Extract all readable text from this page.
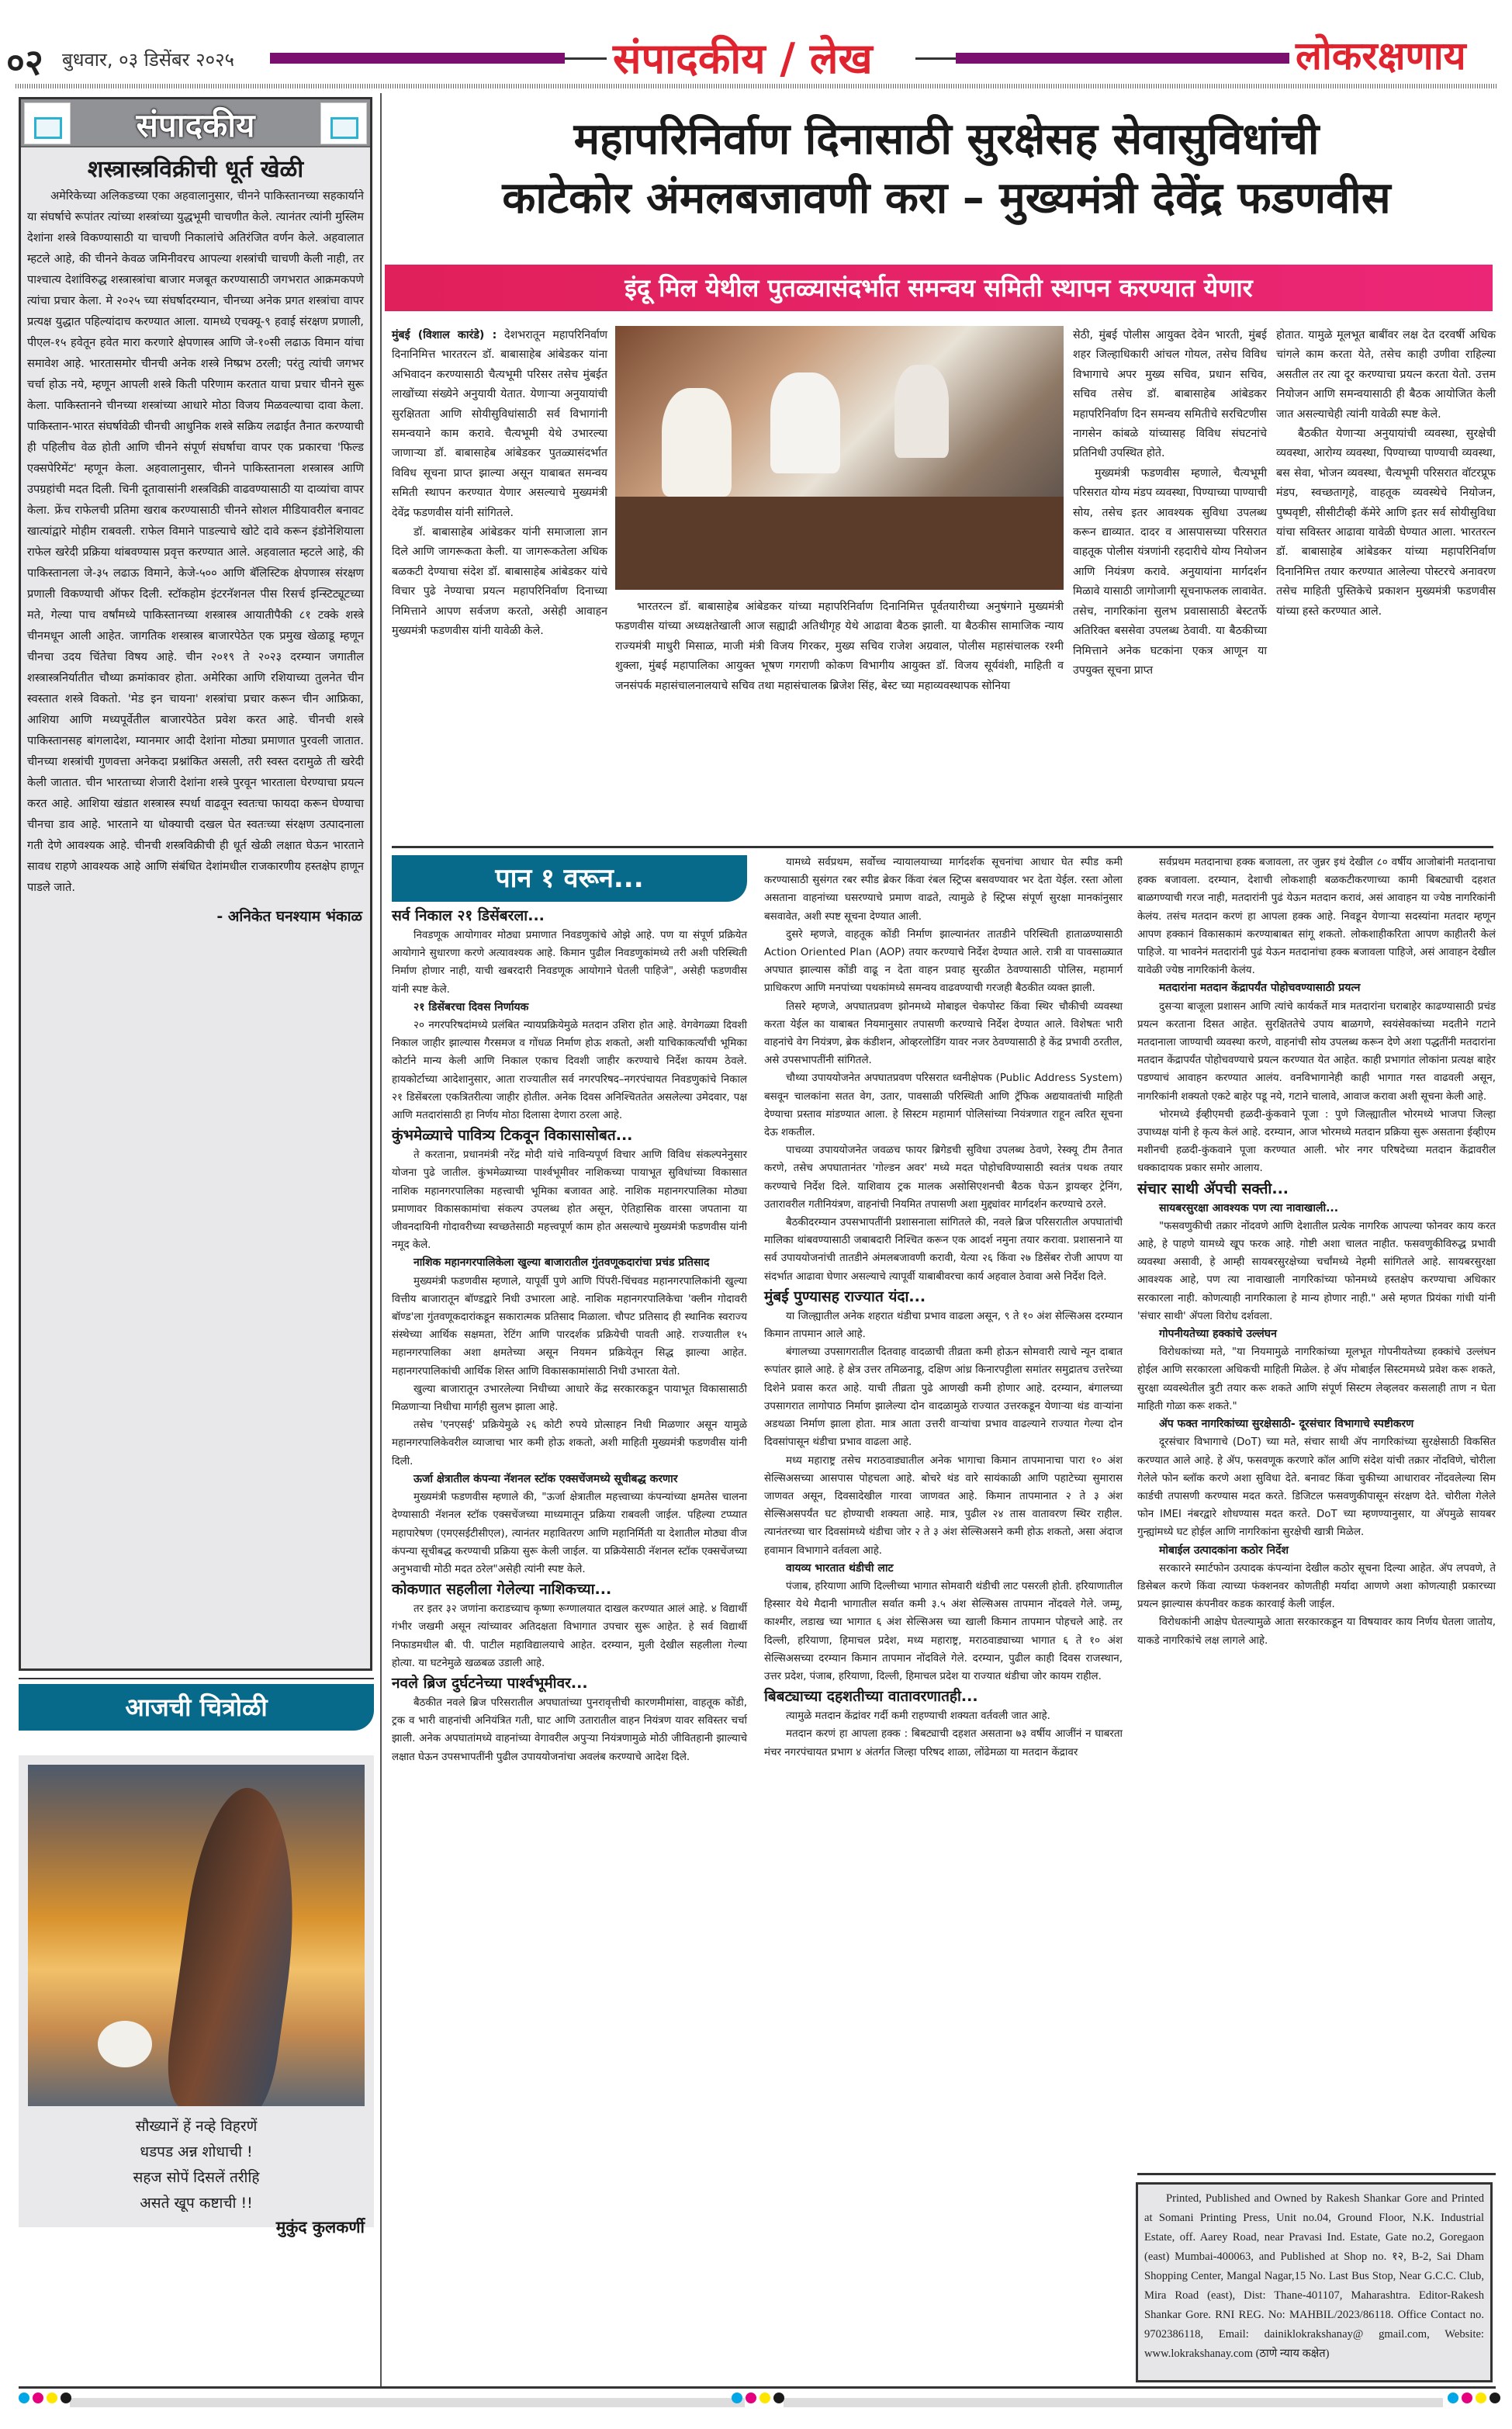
०२ बुधवार, ०३ डिसेंबर २०२५	संपादकीय / लेख	लोकरक्षणाय
संपादकीय
शस्त्रास्त्रविक्रीची धूर्त खेळी
अमेरिकेच्या अलिकडच्या एका अहवालानुसार, चीनने पाकिस्तानच्या सहकार्याने या संघर्षाचे रूपांतर त्यांच्या शस्त्रांच्या युद्धभूमी चाचणीत केले. त्यानंतर त्यांनी मुस्लिम देशांना शस्त्रे विकण्यासाठी या चाचणी निकालांचे अतिरंजित वर्णन केले. अहवालात म्हटले आहे, की चीनने केवळ जमिनीवरच आपल्या शस्त्रांची चाचणी केली नाही, तर पाश्चात्य देशांविरुद्ध शस्त्रास्त्रांचा बाजार मजबूत करण्यासाठी जगभरात आक्रमकपणे त्यांचा प्रचार केला. मे २०२५ च्या संघर्षादरम्यान, चीनच्या अनेक प्रगत शस्त्रांचा वापर प्रत्यक्ष युद्धात पहिल्यांदाच करण्यात आला. यामध्ये एचक्यू-९ हवाई संरक्षण प्रणाली, पीएल-१५ हवेतून हवेत मारा करणारे क्षेपणास्त्र आणि जे-१०सी लढाऊ विमान यांचा समावेश आहे. भारतासमोर चीनची अनेक शस्त्रे निष्प्रभ ठरली; परंतु त्यांची जगभर चर्चा होऊ नये, म्हणून आपली शस्त्रे किती परिणाम करतात याचा प्रचार चीनने सुरू केला. पाकिस्तानने चीनच्या शस्त्रांच्या आधारे मोठा विजय मिळवल्याचा दावा केला. पाकिस्तान-भारत संघर्षावेळी चीनची आधुनिक शस्त्रे सक्रिय लढाईत तैनात करण्याची ही पहिलीच वेळ होती आणि चीनने संपूर्ण संघर्षाचा वापर एक प्रकारचा 'फिल्ड एक्सपेरिमेंट' म्हणून केला. अहवालानुसार, चीनने पाकिस्तानला शस्त्रास्त्र आणि उपग्रहांची मदत दिली. चिनी दूतावासांनी शस्त्रविक्री वाढवण्यासाठी या दाव्यांचा वापर केला. फ्रेंच राफेलची प्रतिमा खराब करण्यासाठी चीनने सोशल मीडियावरील बनावट खात्यांद्वारे मोहीम राबवली. राफेल विमाने पाडल्याचे खोटे दावे करून इंडोनेशियाला राफेल खरेदी प्रक्रिया थांबवण्यास प्रवृत्त करण्यात आले. अहवालात म्हटले आहे, की पाकिस्तानला जे-३५ लढाऊ विमाने, केजे-५०० आणि बॅलिस्टिक क्षेपणास्त्र संरक्षण प्रणाली विकण्याची ऑफर दिली. स्टॉकहोम इंटरनॅशनल पीस रिसर्च इन्स्टिट्यूटच्या मते, गेल्या पाच वर्षांमध्ये पाकिस्तानच्या शस्त्रास्त्र आयातीपैकी ८१ टक्के शस्त्रे चीनमधून आली आहेत. जागतिक शस्त्रास्त्र बाजारपेठेत एक प्रमुख खेळाडू म्हणून चीनचा उदय चिंतेचा विषय आहे. चीन २०१९ ते २०२३ दरम्यान जगातील शस्त्रास्त्रनिर्यातीत चौथ्या क्रमांकावर होता. अमेरिका आणि रशियाच्या तुलनेत चीन स्वस्तात शस्त्रे विकतो. 'मेड इन चायना' शस्त्रांचा प्रचार करून चीन आफ्रिका, आशिया आणि मध्यपूर्वेतील बाजारपेठेत प्रवेश करत आहे. चीनची शस्त्रे पाकिस्तानसह बांगलादेश, म्यानमार आदी देशांना मोठ्या प्रमाणात पुरवली जातात. चीनच्या शस्त्रांची गुणवत्ता अनेकदा प्रश्नांकित असली, तरी स्वस्त दरामुळे ती खरेदी केली जातात. चीन भारताच्या शेजारी देशांना शस्त्रे पुरवून भारताला घेरण्याचा प्रयत्न करत आहे. आशिया खंडात शस्त्रास्त्र स्पर्धा वाढवून स्वतःचा फायदा करून घेण्याचा चीनचा डाव आहे. भारताने या धोक्याची दखल घेत स्वतःच्या संरक्षण उत्पादनाला गती देणे आवश्यक आहे. चीनची शस्त्रविक्रीची ही धूर्त खेळी लक्षात घेऊन भारताने सावध राहणे आवश्यक आहे आणि संबंधित देशांमधील राजकारणीय हस्तक्षेप हाणून पाडले जाते.
- अनिकेत घनश्याम भंकाळ
आजची चित्रोळी
सौख्यानें हें नव्हे विहरणें
धडपड अन्न शोधाची !
सहज सोपें दिसलें तरीहि
असते खूप कष्टाची !!
मुकुंद कुलकर्णी
महापरिनिर्वाण दिनासाठी सुरक्षेसह सेवासुविधांची
काटेकोर अंमलबजावणी करा – मुख्यमंत्री देवेंद्र फडणवीस
इंदू मिल येथील पुतळ्यासंदर्भात समन्वय समिती स्थापन करण्यात येणार

मुंबई (विशाल कारंडे) : देशभरातून महापरिनिर्वाण दिनानिमित्त भारतरत्न डॉ. बाबासाहेब आंबेडकर यांना अभिवादन करण्यासाठी चैत्यभूमी परिसर तसेच मुंबईत लाखोंच्या संख्येने अनुयायी येतात. येणाऱ्या अनुयायांची सुरक्षितता आणि सोयीसुविधांसाठी सर्व विभागांनी समन्वयाने काम करावे. चैत्यभूमी येथे उभारल्या जाणाऱ्या डॉ. बाबासाहेब आंबेडकर पुतळ्यासंदर्भात विविध सूचना प्राप्त झाल्या असून याबाबत समन्वय समिती स्थापन करण्यात येणार असल्याचे मुख्यमंत्री देवेंद्र फडणवीस यांनी सांगितले.

डॉ. बाबासाहेब आंबेडकर यांनी समाजाला ज्ञान दिले आणि जागरूकता केली. या जागरूकतेला अधिक बळकटी देण्याचा संदेश डॉ. बाबासाहेब आंबेडकर यांचे विचार पुढे नेण्याचा प्रयत्न महापरिनिर्वाण दिनाच्या निमित्ताने आपण सर्वजण करतो, असेही आवाहन मुख्यमंत्री फडणवीस यांनी यावेळी केले.

भारतरत्न डॉ. बाबासाहेब आंबेडकर यांच्या महापरिनिर्वाण दिनानिमित्त पूर्वतयारीच्या अनुषंगाने मुख्यमंत्री फडणवीस यांच्या अध्यक्षतेखाली आज सह्याद्री अतिथीगृह येथे आढावा बैठक झाली. या बैठकीस सामाजिक न्याय राज्यमंत्री माधुरी मिसाळ, माजी मंत्री विजय गिरकर, मुख्य सचिव राजेश अग्रवाल, पोलीस महासंचालक रश्मी शुक्ला, मुंबई महापालिका आयुक्त भूषण गगराणी कोकण विभागीय आयुक्त डॉ. विजय सूर्यवंशी, माहिती व जनसंपर्क महासंचालनालयाचे सचिव तथा महासंचालक ब्रिजेश सिंह, बेस्ट च्या महाव्यवस्थापक सोनिया

सेठी, मुंबई पोलीस आयुक्त देवेन भारती, मुंबई शहर जिल्हाधिकारी आंचल गोयल, तसेच विविध विभागाचे अपर मुख्य सचिव, प्रधान सचिव, सचिव तसेच डॉ. बाबासाहेब आंबेडकर महापरिनिर्वाण दिन समन्वय समितीचे सरचिटणीस नागसेन कांबळे यांच्यासह विविध संघटनांचे प्रतिनिधी उपस्थित होते.

मुख्यमंत्री फडणवीस म्हणाले, चैत्यभूमी परिसरात योग्य मंडप व्यवस्था, पिण्याच्या पाण्याची सोय, तसेच इतर आवश्यक सुविधा उपलब्ध करून द्याव्यात. दादर व आसपासच्या परिसरात वाहतूक पोलीस यंत्रणांनी रहदारीचे योग्य नियोजन आणि नियंत्रण करावे. अनुयायांना मार्गदर्शन मिळावे यासाठी जागोजागी सूचनाफलक लावावेत. तसेच, नागरिकांना सुलभ प्रवासासाठी बेस्टतर्फे अतिरिक्त बससेवा उपलब्ध ठेवावी. या बैठकीच्या निमित्ताने अनेक घटकांना एकत्र आणून या उपयुक्त सूचना प्राप्त

होतात. यामुळे मूलभूत बाबींवर लक्ष देत दरवर्षी अधिक चांगले काम करता येते, तसेच काही उणीवा राहिल्या असतील तर त्या दूर करण्याचा प्रयत्न करता येतो. उत्तम नियोजन आणि समन्वयासाठी ही बैठक आयोजित केली जात असल्याचेही त्यांनी यावेळी स्पष्ट केले.

बैठकीत येणाऱ्या अनुयायांची व्यवस्था, सुरक्षेची व्यवस्था, आरोग्य व्यवस्था, पिण्याच्या पाण्याची व्यवस्था, बस सेवा, भोजन व्यवस्था, चैत्यभूमी परिसरात वॉटरप्रूफ मंडप, स्वच्छतागृहे, वाहतूक व्यवस्थेचे नियोजन, पुष्पवृष्टी, सीसीटीव्ही कॅमेरे आणि इतर सर्व सोयीसुविधा यांचा सविस्तर आढावा यावेळी घेण्यात आला. भारतरत्न डॉ. बाबासाहेब आंबेडकर यांच्या महापरिनिर्वाण दिनानिमित्त तयार करण्यात आलेल्या पोस्टरचे अनावरण तसेच माहिती पुस्तिकेचे प्रकाशन मुख्यमंत्री फडणवीस यांच्या हस्ते करण्यात आले.

पान १ वरून...
सर्व निकाल २१ डिसेंबरला...

निवडणूक आयोगावर मोठ्या प्रमाणात निवडणुकांचे ओझे आहे. पण या संपूर्ण प्रक्रियेत आयोगाने सुधारणा करणे अत्यावश्यक आहे. किमान पुढील निवडणुकांमध्ये तरी अशी परिस्थिती निर्माण होणार नाही, याची खबरदारी निवडणूक आयोगाने घेतली पाहिजे", असेही फडणवीस यांनी स्पष्ट केले.

२१ डिसेंबरचा दिवस निर्णायक

२० नगरपरिषदांमध्ये प्रलंबित न्यायप्रक्रियेमुळे मतदान उशिरा होत आहे. वेगवेगळ्या दिवशी निकाल जाहीर झाल्यास गैरसमज व गोंधळ निर्माण होऊ शकतो, अशी याचिकाकर्त्यांची भूमिका कोर्टाने मान्य केली आणि निकाल एकाच दिवशी जाहीर करण्याचे निर्देश कायम ठेवले. हायकोर्टाच्या आदेशानुसार, आता राज्यातील सर्व नगरपरिषद–नगरपंचायत निवडणुकांचे निकाल २१ डिसेंबरला एकत्रितरीत्या जाहीर होतील. अनेक दिवस अनिश्चिततेत असलेल्या उमेदवार, पक्ष आणि मतदारांसाठी हा निर्णय मोठा दिलासा देणारा ठरला आहे.

कुंभमेळ्याचे पावित्र्य टिकवून विकासासोबत...

ते करताना, प्रधानमंत्री नरेंद्र मोदी यांचे नाविन्यपूर्ण विचार आणि विविध संकल्पनेनुसार योजना पुढे जातील. कुंभमेळ्याच्या पार्श्वभूमीवर नाशिकच्या पायाभूत सुविधांच्या विकासात नाशिक महानगरपालिका महत्त्वाची भूमिका बजावत आहे. नाशिक महानगरपालिका मोठ्या प्रमाणावर विकासकामांचा संकल्प उपलब्ध होत असून, ऐतिहासिक वारसा जपताना या जीवनदायिनी गोदावरीच्या स्वच्छतेसाठी महत्त्वपूर्ण काम होत असल्याचे मुख्यमंत्री फडणवीस यांनी नमूद केले.

नाशिक महानगरपालिकेला खुल्या बाजारातील गुंतवणूकदारांचा प्रचंड प्रतिसाद

मुख्यमंत्री फडणवीस म्हणाले, यापूर्वी पुणे आणि पिंपरी-चिंचवड महानगरपालिकांनी खुल्या वित्तीय बाजारातून बॉण्डद्वारे निधी उभारला आहे. नाशिक महानगरपालिकेचा 'क्लीन गोदावरी बॉण्ड'ला गुंतवणूकदारांकडून सकारात्मक प्रतिसाद मिळाला. चौपट प्रतिसाद ही स्थानिक स्वराज्य संस्थेच्या आर्थिक सक्षमता, रेटिंग आणि पारदर्शक प्रक्रियेची पावती आहे. राज्यातील १५ महानगरपालिका अशा क्षमतेच्या असून नियमन प्रक्रियेतून सिद्ध झाल्या आहेत. महानगरपालिकांची आर्थिक शिस्त आणि विकासकामांसाठी निधी उभारता येतो.

खुल्या बाजारातून उभारलेल्या निधीच्या आधारे केंद्र सरकारकडून पायाभूत विकासासाठी मिळणाऱ्या निधीचा मार्गही सुलभ झाला आहे.

तसेच 'एनएसई' प्रक्रियेमुळे २६ कोटी रुपये प्रोत्साहन निधी मिळणार असून यामुळे महानगरपालिकेवरील व्याजाचा भार कमी होऊ शकतो, अशी माहिती मुख्यमंत्री फडणवीस यांनी दिली.

ऊर्जा क्षेत्रातील कंपन्या नॅशनल स्टॉक एक्सचेंजमध्ये सूचीबद्ध करणार

मुख्यमंत्री फडणवीस म्हणाले की, "ऊर्जा क्षेत्रातील महत्त्वाच्या कंपन्यांच्या क्षमतेस चालना देण्यासाठी नॅशनल स्टॉक एक्सचेंजच्या माध्यमातून प्रक्रिया राबवली जाईल. पहिल्या टप्प्यात महापारेषण (एमएसईटीसीएल), त्यानंतर महावितरण आणि महानिर्मिती या देशातील मोठ्या वीज कंपन्या सूचीबद्ध करण्याची प्रक्रिया सुरू केली जाईल. या प्रक्रियेसाठी नॅशनल स्टॉक एक्सचेंजच्या अनुभवाची मोठी मदत ठरेल"असेही त्यांनी स्पष्ट केले.

कोकणात सहलीला गेलेल्या नाशिकच्या...

तर इतर ३२ जणांना कराडच्याच कृष्णा रूग्णालयात दाखल करण्यात आलं आहे. ४ विद्यार्थी गंभीर जखमी असून त्यांच्यावर अतिदक्षता विभागात उपचार सुरू आहेत. हे सर्व विद्यार्थी निफाडमधील बी. पी. पाटील महाविद्यालयाचे आहेत. दरम्यान, मुली देखील सहलीला गेल्या होत्या. या घटनेमुळे खळबळ उडाली आहे.

नवले ब्रिज दुर्घटनेच्या पार्श्वभूमीवर...

बैठकीत नवले ब्रिज परिसरातील अपघातांच्या पुनरावृत्तीची कारणमीमांसा, वाहतूक कोंडी, ट्रक व भारी वाहनांची अनियंत्रित गती, घाट आणि उतारातील वाहन नियंत्रण यावर सविस्तर चर्चा झाली. अनेक अपघातांमध्ये वाहनांच्या वेगावरील अपुऱ्या नियंत्रणामुळे मोठी जीवितहानी झाल्याचे लक्षात घेऊन उपसभापतींनी पुढील उपाययोजनांचा अवलंब करण्याचे आदेश दिले.

यामध्ये सर्वप्रथम, सर्वोच्च न्यायालयाच्या मार्गदर्शक सूचनांचा आधार घेत स्पीड कमी करण्यासाठी सुसंगत रबर स्पीड ब्रेकर किंवा रंबल स्ट्रिप्स बसवण्यावर भर देता येईल. रस्ता ओला असताना वाहनांच्या घसरण्याचे प्रमाण वाढते, त्यामुळे हे स्ट्रिप्स संपूर्ण सुरक्षा मानकांनुसार बसवावेत, अशी स्पष्ट सूचना देण्यात आली.

दुसरे म्हणजे, वाहतूक कोंडी निर्माण झाल्यानंतर तातडीने परिस्थिती हाताळण्यासाठी Action Oriented Plan (AOP) तयार करण्याचे निर्देश देण्यात आले. रात्री वा पावसाळ्यात अपघात झाल्यास कोंडी वाढू न देता वाहन प्रवाह सुरळीत ठेवण्यासाठी पोलिस, महामार्ग प्राधिकरण आणि मनपांच्या पथकांमध्ये समन्वय वाढवण्याची गरजही बैठकीत व्यक्त झाली.

तिसरे म्हणजे, अपघातप्रवण झोनमध्ये मोबाइल चेकपोस्ट किंवा स्थिर चौकीची व्यवस्था करता येईल का याबाबत नियमानुसार तपासणी करण्याचे निर्देश देण्यात आले. विशेषतः भारी वाहनांचे वेग नियंत्रण, ब्रेक कंडीशन, ओव्हरलोडिंग यावर नजर ठेवण्यासाठी हे केंद्र प्रभावी ठरतील, असे उपसभापतींनी सांगितले.

चौथ्या उपाययोजनेत अपघातप्रवण परिसरात ध्वनीक्षेपक (Public Address System) बसवून चालकांना सतत वेग, उतार, पावसाळी परिस्थिती आणि ट्रॅफिक अद्ययावतांची माहिती देण्याचा प्रस्ताव मांडण्यात आला. हे सिस्टम महामार्ग पोलिसांच्या नियंत्रणात राहून त्वरित सूचना देऊ शकतील.

पाचव्या उपाययोजनेत जवळच फायर ब्रिगेडची सुविधा उपलब्ध ठेवणे, रेस्क्यू टीम तैनात करणे, तसेच अपघातानंतर 'गोल्डन अवर' मध्ये मदत पोहोचविण्यासाठी स्वतंत्र पथक तयार करण्याचे निर्देश दिले. याशिवाय ट्रक मालक असोसिएशनची बैठक घेऊन ड्रायव्हर ट्रेनिंग, उतारावरील गतीनियंत्रण, वाहनांची नियमित तपासणी अशा मुद्द्यांवर मार्गदर्शन करण्याचे ठरले.

बैठकीदरम्यान उपसभापतींनी प्रशासनाला सांगितले की, नवले ब्रिज परिसरातील अपघातांची मालिका थांबवण्यासाठी जबाबदारी निश्चित करून एक आदर्श नमुना तयार करावा. प्रशासनाने या सर्व उपाययोजनांची तातडीने अंमलबजावणी करावी, येत्या २६ किंवा २७ डिसेंबर रोजी आपण या संदर्भात आढावा घेणार असल्याचे त्यापूर्वी याबाबीवरचा कार्य अहवाल ठेवावा असे निर्देश दिले.

मुंबई पुण्यासह राज्यात यंदा...

या जिल्ह्यातील अनेक शहरात थंडीचा प्रभाव वाढला असून, ९ ते १० अंश सेल्सिअस दरम्यान किमान तापमान आले आहे.

बंगालच्या उपसागरातील दितवाह वादळाची तीव्रता कमी होऊन सोमवारी त्याचे न्यून दाबात रूपांतर झाले आहे. हे क्षेत्र उत्तर तमिळनाडू, दक्षिण आंध्र किनारपट्टीला समांतर समुद्रातच उत्तरेच्या दिशेने प्रवास करत आहे. याची तीव्रता पुढे आणखी कमी होणार आहे. दरम्यान, बंगालच्या उपसागरात लागोपाठ निर्माण झालेल्या दोन वादळामुळे राज्यात उत्तरकडून येणाऱ्या थंड वाऱ्यांना अडथळा निर्माण झाला होता. मात्र आता उत्तरी वाऱ्यांचा प्रभाव वाढल्याने राज्यात गेल्या दोन दिवसांपासून थंडीचा प्रभाव वाढला आहे.

मध्य महाराष्ट्र तसेच मराठवाड्यातील अनेक भागाचा किमान तापमानाचा पारा १० अंश सेल्सिअसच्या आसपास पोहचला आहे. बोचरे थंड वारे सायंकाळी आणि पहाटेच्या सुमारास जाणवत असून, दिवसादेखील गारवा जाणवत आहे. किमान तापमानात २ ते ३ अंश सेल्सिअसपर्यंत घट होण्याची शक्यता आहे. मात्र, पुढील २४ तास वातावरण स्थिर राहील. त्यानंतरच्या चार दिवसांमध्ये थंडीचा जोर २ ते ३ अंश सेल्सिअसने कमी होऊ शकतो, असा अंदाज हवामान विभागाने वर्तवला आहे.

वायव्य भारतात थंडीची लाट

पंजाब, हरियाणा आणि दिल्लीच्या भागात सोमवारी थंडीची लाट पसरली होती. हरियाणातील हिस्सार येथे मैदानी भागातील सर्वात कमी ३.५ अंश सेल्सिअस तापमान नोंदवले गेले. जम्मू, काश्मीर, लडाख च्या भागात ६ अंश सेल्सिअस च्या खाली किमान तापमान पोहचले आहे. तर दिल्ली, हरियाणा, हिमाचल प्रदेश, मध्य महाराष्ट्र, मराठवाड्याच्या भागात ६ ते १० अंश सेल्सिअसच्या दरम्यान किमान तापमान नोंदविले गेले. दरम्यान, पुढील काही दिवस राजस्थान, उत्तर प्रदेश, पंजाब, हरियाणा, दिल्ली, हिमाचल प्रदेश या राज्यात थंडीचा जोर कायम राहील.

बिबट्याच्या दहशतीच्या वातावरणातही...

त्यामुळे मतदान केंद्रांवर गर्दी कमी राहण्याची शक्यता वर्तवली जात आहे.

मतदान करणं हा आपला हक्क : बिबट्याची दहशत असताना ७३ वर्षीय आजींनं न घाबरता मंचर नगरपंचायत प्रभाग ४ अंतर्गत जिल्हा परिषद शाळा, लोंढेमळा या मतदान केंद्रावर

सर्वप्रथम मतदानाचा हक्क बजावला, तर जुन्नर इथं देखील ८० वर्षीय आजोबांनी मतदानाचा हक्क बजावला. दरम्यान, देशाची लोकशाही बळकटीकरणाच्या कामी बिबट्याची दहशत बाळगण्याची गरज नाही, मतदारांनी पुढं येऊन मतदान करावं, असं आवाहन या ज्येष्ठ नागरिकांनी केलंय. तसंच मतदान करणं हा आपला हक्क आहे. निवडून येणाऱ्या सदस्यांना मतदार म्हणून आपण हक्कानं विकासकामं करण्याबाबत सांगू शकतो. लोकशाहीकरिता आपण काहीतरी केलं पाहिजे. या भावनेनं मतदारांनी पुढं येऊन मतदानांचा हक्क बजावला पाहिजे, असं आवाहन देखील यावेळी ज्येष्ठ नागरिकांनी केलंय.

मतदारांना मतदान केंद्रापर्यंत पोहोचवण्यासाठी प्रयत्न

दुसऱ्या बाजूला प्रशासन आणि त्यांचे कार्यकर्ते मात्र मतदारांना घराबाहेर काढण्यासाठी प्रचंड प्रयत्न करताना दिसत आहेत. सुरक्षिततेचे उपाय बाळगणे, स्वयंसेवकांच्या मदतीने गटाने मतदानाला जाण्याची व्यवस्था करणे, वाहनांची सोय उपलब्ध करून देणे अशा पद्धतींनी मतदारांना मतदान केंद्रापर्यंत पोहोचवण्याचे प्रयत्न करण्यात येत आहेत. काही प्रभागांत लोकांना प्रत्यक्ष बाहेर पडण्याचं आवाहन करण्यात आलंय. वनविभागानेही काही भागात गस्त वाढवली असून, नागरिकांनी शक्यतो एकटे बाहेर पडू नये, गटाने चालावे, आवाज करावा अशी सूचना केली आहे.

भोरमध्ये ईव्हीएमची हळदी-कुंकवाने पूजा : पुणे जिल्ह्यातील भोरमध्ये भाजपा जिल्हा उपाध्यक्ष यांनी हे कृत्य केलं आहे. दरम्यान, आज भोरमध्ये मतदान प्रक्रिया सुरू असताना ईव्हीएम मशीनची हळदी-कुंकवाने पूजा करण्यात आली. भोर नगर परिषदेच्या मतदान केंद्रावरील धक्कादायक प्रकार समोर आलाय.

संचार साथी ॲपची सक्ती...
सायबरसुरक्षा आवश्यक पण त्या नावाखाली...

"फसवणुकीची तक्रार नोंदवणे आणि देशातील प्रत्येक नागरिक आपल्या फोनवर काय करत आहे, हे पाहणे यामध्ये खूप फरक आहे. गोष्टी अशा चालत नाहीत. फसवणुकीविरुद्ध प्रभावी व्यवस्था असावी, हे आम्ही सायबरसुरक्षेच्या चर्चांमध्ये नेहमी सांगितले आहे. सायबरसुरक्षा आवश्यक आहे, पण त्या नावाखाली नागरिकांच्या फोनमध्ये हस्तक्षेप करण्याचा अधिकार सरकारला नाही. कोणत्याही नागरिकाला हे मान्य होणार नाही." असे म्हणत प्रियंका गांधी यांनी 'संचार साथी' ॲपला विरोध दर्शवला.

गोपनीयतेच्या हक्कांचे उल्लंघन

विरोधकांच्या मते, "या नियमामुळे नागरिकांच्या मूलभूत गोपनीयतेच्या हक्कांचे उल्लंघन होईल आणि सरकारला अधिकची माहिती मिळेल. हे ॲप मोबाईल सिस्टममध्ये प्रवेश करू शकते, सुरक्षा व्यवस्थेतील त्रुटी तयार करू शकते आणि संपूर्ण सिस्टम लेव्हलवर कसलाही ताण न घेता माहिती गोळा करू शकते."

ॲप फक्त नागरिकांच्या सुरक्षेसाठी- दूरसंचार विभागाचे स्पष्टीकरण

दूरसंचार विभागाचे (DoT) च्या मते, संचार साथी ॲप नागरिकांच्या सुरक्षेसाठी विकसित करण्यात आले आहे. हे ॲप, फसवणूक करणारे कॉल आणि संदेश यांची तक्रार नोंदविणे, चोरीला गेलेले फोन ब्लॉक करणे अशा सुविधा देते. बनावट किंवा चुकीच्या आधारावर नोंदवलेल्या सिम कार्डची तपासणी करण्यास मदत करते. डिजिटल फसवणुकीपासून संरक्षण देते. चोरीला गेलेले फोन IMEI नंबरद्वारे शोधण्यास मदत करते. DoT च्या म्हणण्यानुसार, या ॲपमुळे सायबर गुन्ह्यांमध्ये घट होईल आणि नागरिकांना सुरक्षेची खात्री मिळेल.

मोबाईल उत्पादकांना कठोर निर्देश

सरकारने स्मार्टफोन उत्पादक कंपन्यांना देखील कठोर सूचना दिल्या आहेत. ॲप लपवणे, ते डिसेबल करणे किंवा त्याच्या फंक्शनवर कोणतीही मर्यादा आणणे अशा कोणत्याही प्रकारच्या प्रयत्न झाल्यास कंपनीवर कडक कारवाई केली जाईल.

विरोधकांनी आक्षेप घेतल्यामुळे आता सरकारकडून या विषयावर काय निर्णय घेतला जातोय, याकडे नागरिकांचे लक्ष लागले आहे.

Printed, Published and Owned by Rakesh Shankar Gore and Printed at Somani Printing Press, Unit no.04, Ground Floor, N.K. Industrial Estate, off. Aarey Road, near Pravasi Ind. Estate, Gate no.2, Goregaon (east) Mumbai-400063, and Published at Shop no. १२, B-2, Sai Dham Shopping Center, Mangal Nagar,15 No. Last Bus Stop, Near G.C.C. Club, Mira Road (east), Dist: Thane-401107, Maharashtra. Editor-Rakesh Shankar Gore. RNI REG. No: MAHBIL/2023/86118. Office Contact no. 9702386118, Email: dainiklokrakshanay@ gmail.com, Website: www.lokrakshanay.com (ठाणे न्याय कक्षेत)
